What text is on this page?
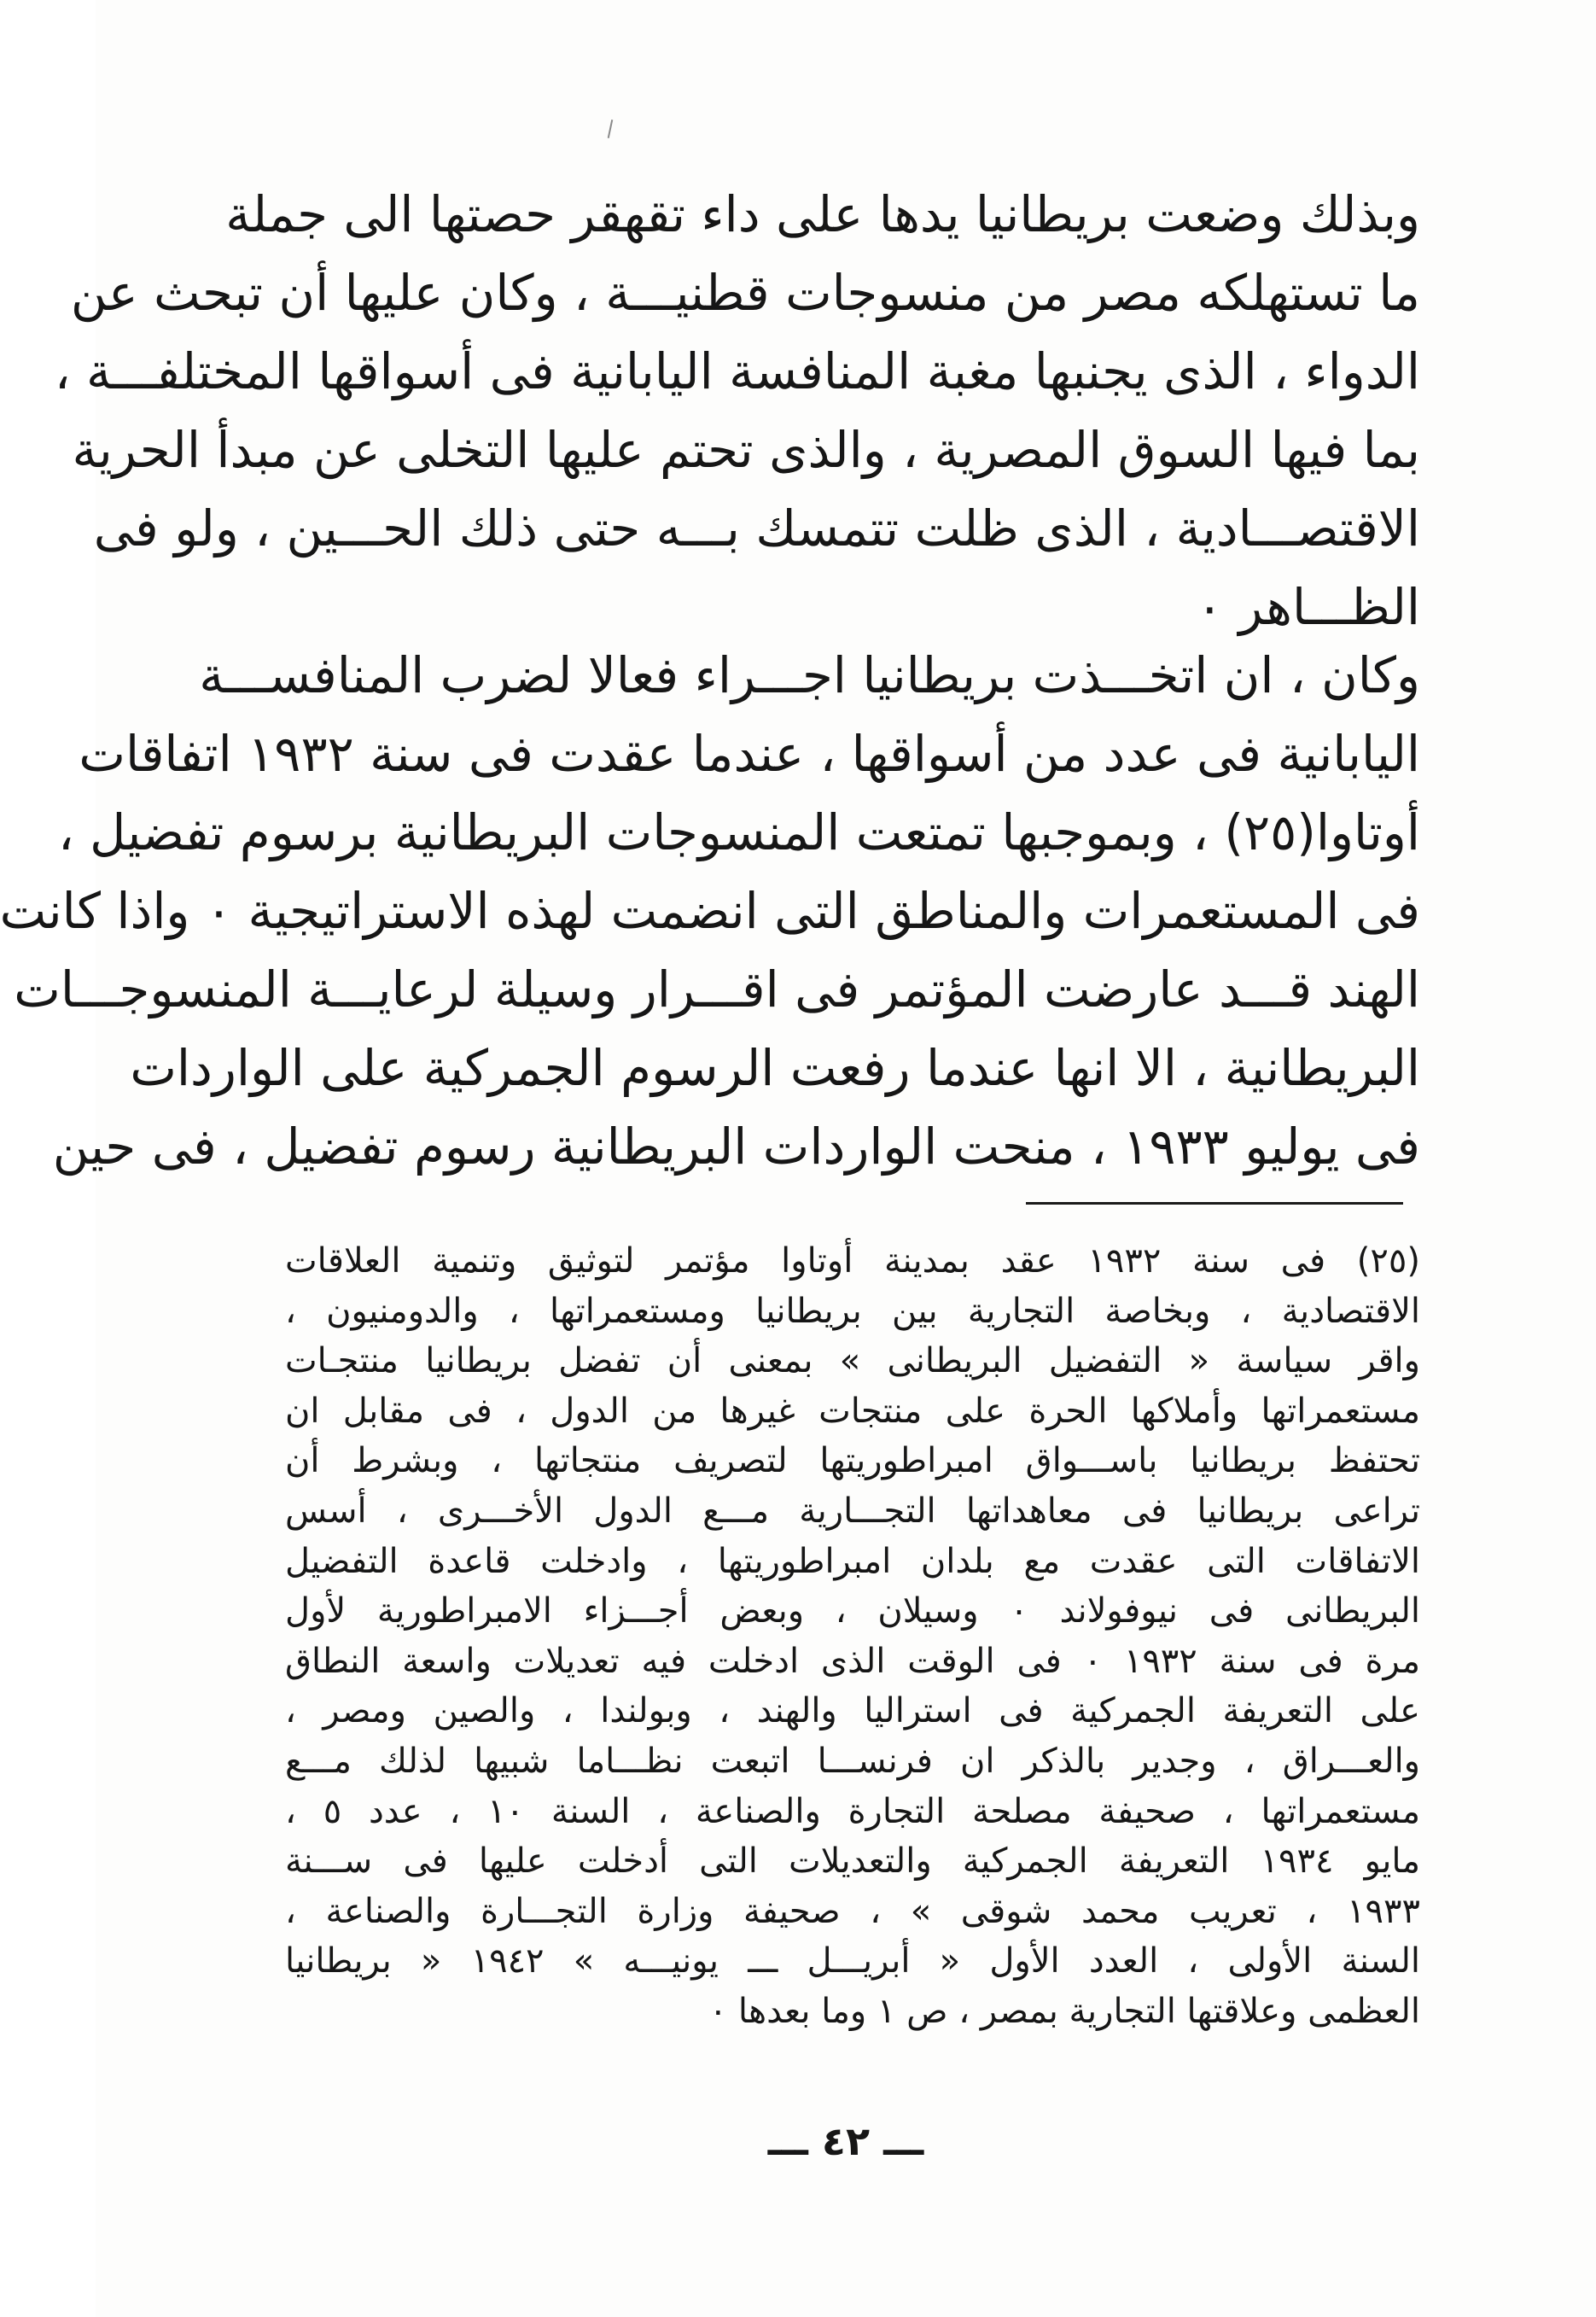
وبذلك وضعت بريطانيا يدها على داء تقهقر حصتها الى جملة
ما تستهلكه مصر من منسوجات قطنيـــة ، وكان عليها أن تبحث عن
الدواء ، الذى يجنبها مغبة المنافسة اليابانية فى أسواقها المختلفـــة ،
بما فيها السوق المصرية ، والذى تحتم عليها التخلى عن مبدأ الحرية
الاقتصـــادية ، الذى ظلت تتمسك بـــه حتى ذلك الحـــين ، ولو فى
الظـــاهر ٠
وكان ، ان اتخـــذت بريطانيا اجـــراء فعالا لضرب المنافســـة
اليابانية فى عدد من أسواقها ، عندما عقدت فى سنة ١٩٣٢ اتفاقات
أوتاوا(٢٥) ، وبموجبها تمتعت المنسوجات البريطانية برسوم تفضيل ،
فى المستعمرات والمناطق التى انضمت لهذه الاستراتيجية ٠ واذا كانت
الهند قـــد عارضت المؤتمر فى اقـــرار وسيلة لرعايـــة المنسوجـــات
البريطانية ، الا انها عندما رفعت الرسوم الجمركية على الواردات
فى يوليو ١٩٣٣ ، منحت الواردات البريطانية رسوم تفضيل ، فى حين
(٢٥) فى سنة ١٩٣٢ عقد بمدينة أوتاوا مؤتمر لتوثيق وتنمية العلاقات
الاقتصادية ، وبخاصة التجارية بين بريطانيا ومستعمراتها ، والدومنيون ،
واقر سياسة « التفضيل البريطانى » بمعنى أن تفضل بريطانيا منتجـات
مستعمراتها وأملاكها الحرة على منتجات غيرها من الدول ، فى مقابل ان
تحتفظ بريطانيا باســـواق امبراطوريتها لتصريف منتجاتها ، وبشرط أن
تراعى بريطانيا فى معاهداتها التجـــارية مـــع الدول الأخـــرى ، أسس
الاتفاقات التى عقدت مع بلدان امبراطوريتها ، وادخلت قاعدة التفضيل
البريطانى فى نيوفولاند ٠ وسيلان ، وبعض أجـــزاء الامبراطورية لأول
مرة فى سنة ١٩٣٢ ٠ فى الوقت الذى ادخلت فيه تعديلات واسعة النطاق
على التعريفة الجمركية فى استراليا والهند ، وبولندا ، والصين ومصر ،
والعـــراق ، وجدير بالذكر ان فرنســـا اتبعت نظـــاما شبيها لذلك مـــع
مستعمراتها ، صحيفة مصلحة التجارة والصناعة ، السنة ١٠ ، عدد ٥ ،
مايو ١٩٣٤ التعريفة الجمركية والتعديلات التى أدخلت عليها فى ســـنة
١٩٣٣ ، تعريب محمد شوقى » ، صحيفة وزارة التجـــارة والصناعة ،
السنة الأولى ، العدد الأول « أبريـــل ـــ يونيـــه » ١٩٤٢ « بريطانيا
العظمى وعلاقتها التجارية بمصر ، ص ١ وما بعدها ٠
ـــ ٤٢ ـــ
